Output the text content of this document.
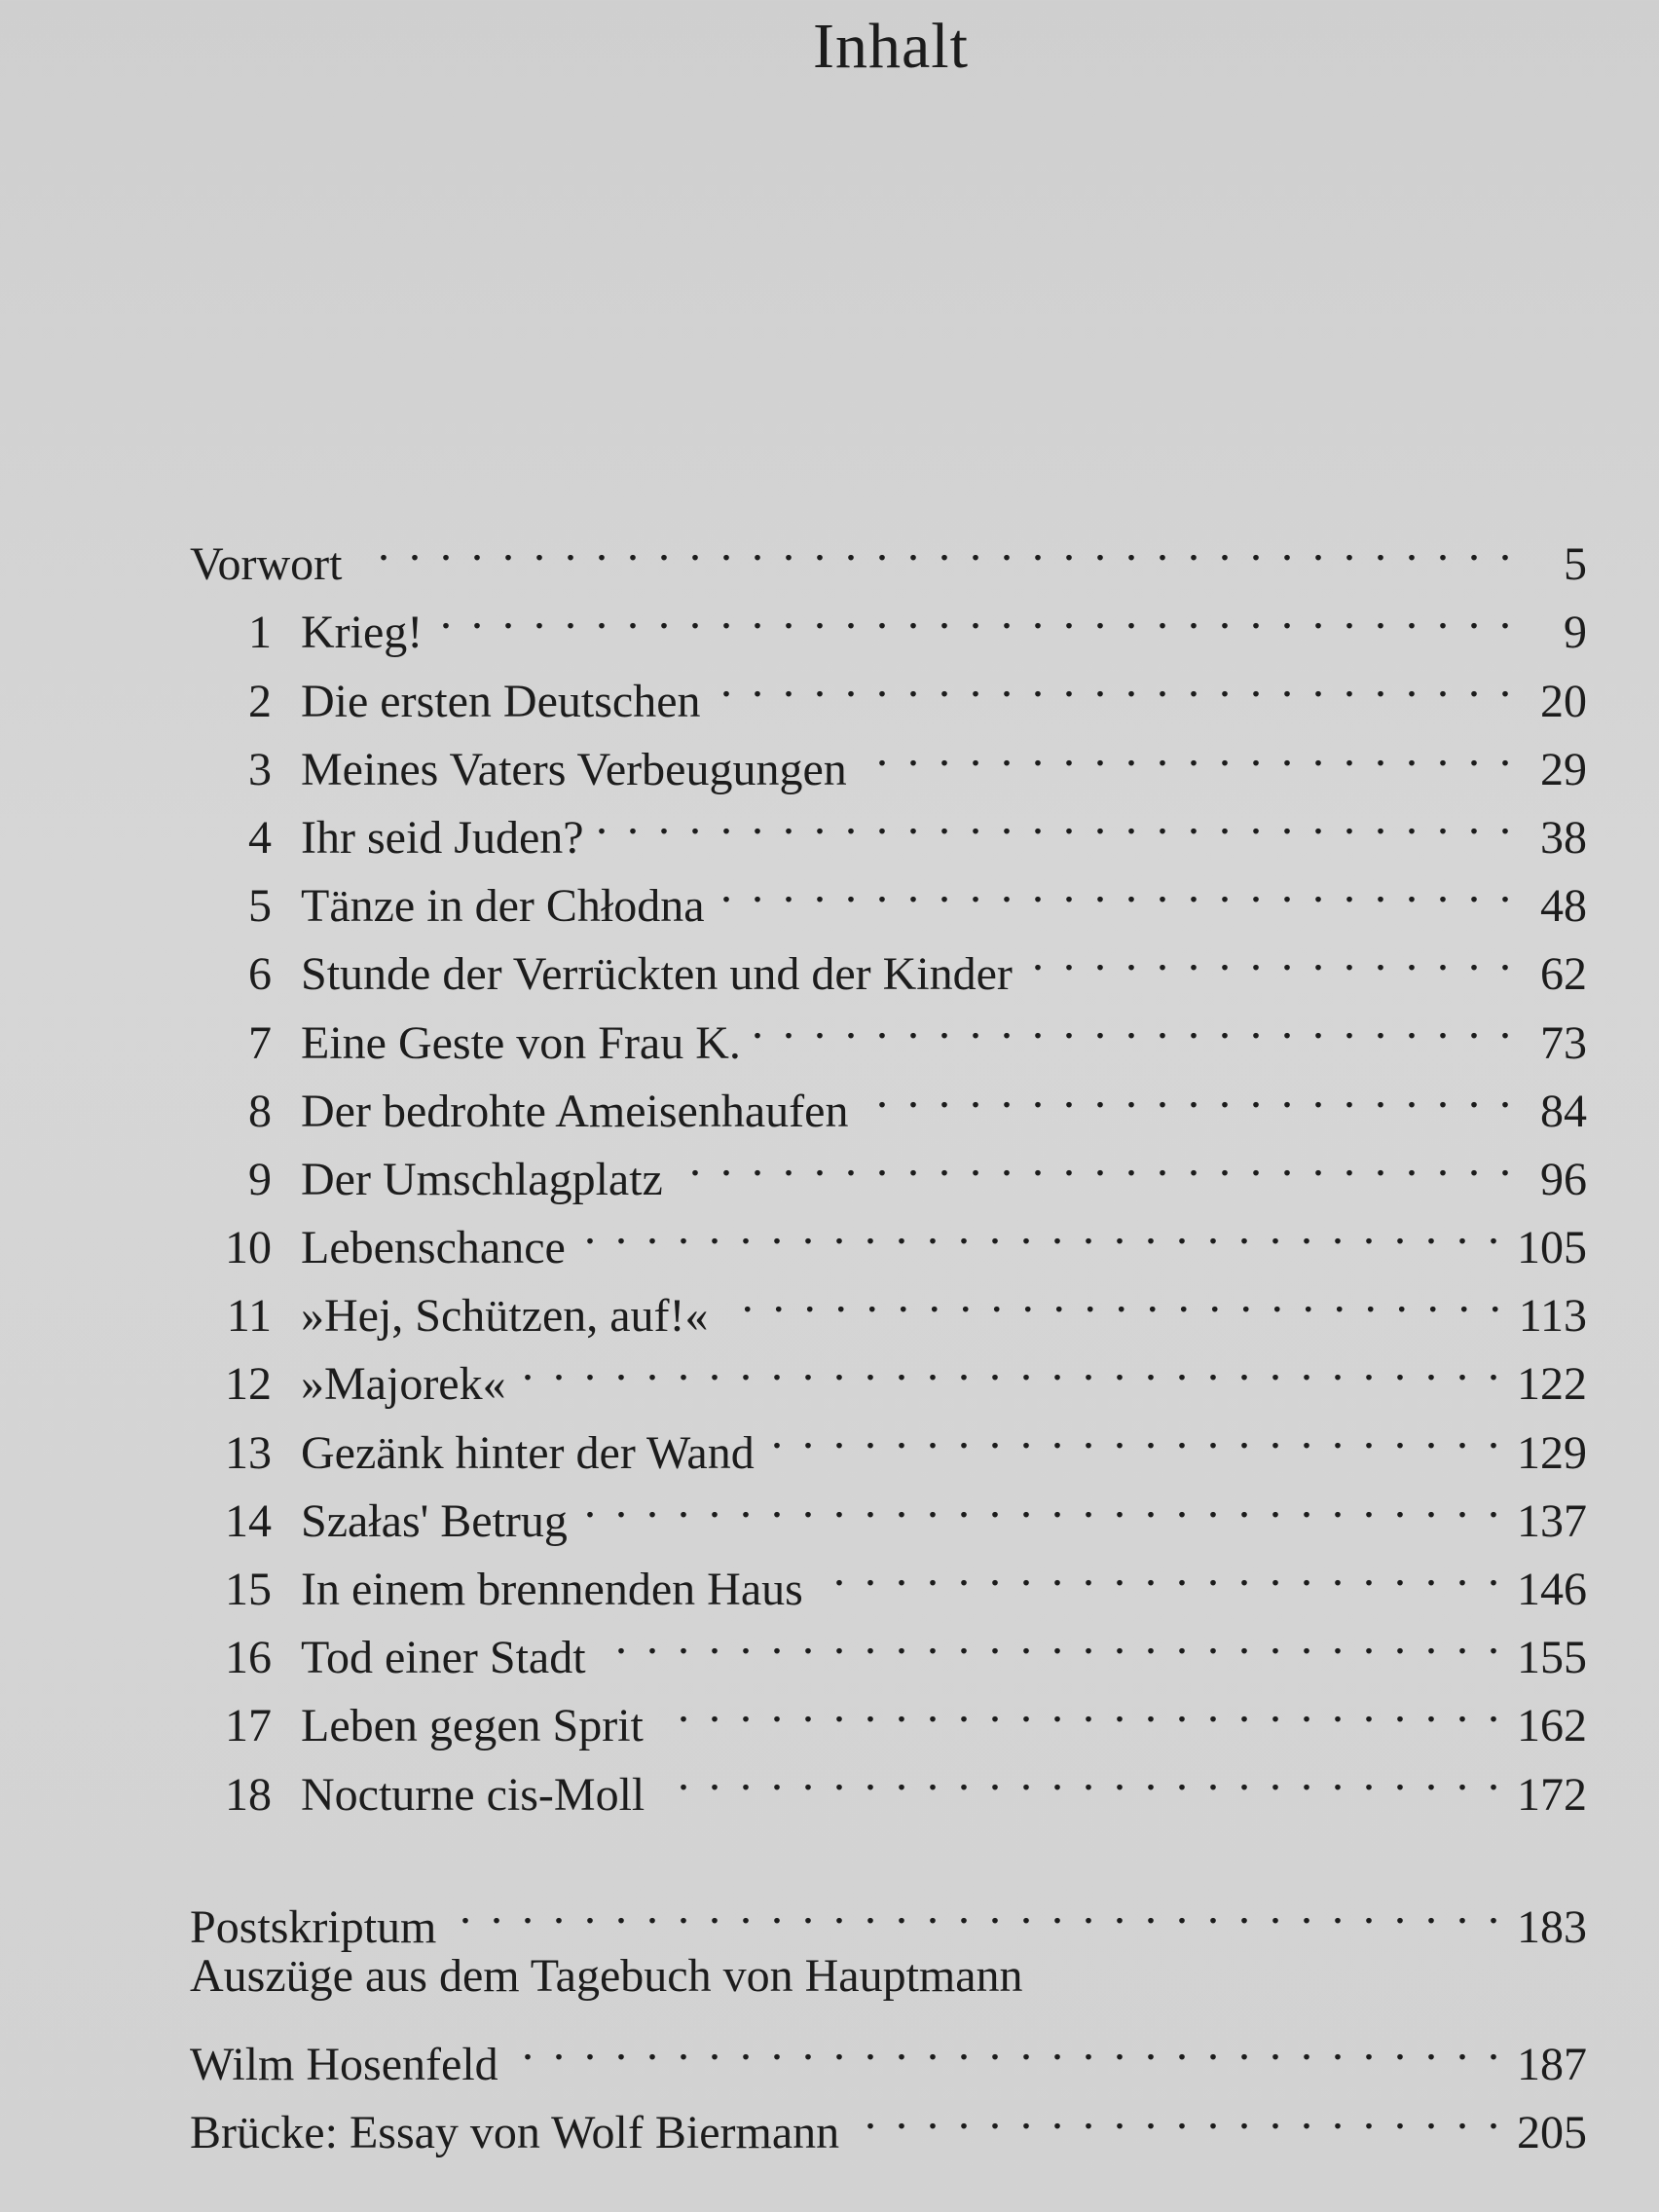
Inhalt
Vorwort . . .	5
1 Krieg! . . .	9
2 Die ersten Deutschen . . .	20
3 Meines Vaters Verbeugungen . . .	29
4 Ihr seid Juden? . . .	38
5 Tänze in der Chłodna . . .	48
6 Stunde der Verrückten und der Kinder . . .	62
7 Eine Geste von Frau K. . . .	73
8 Der bedrohte Ameisenhaufen . . .	84
9 Der Umschlagplatz . . .	96
10 Lebenschance . . .	105
11 »Hej, Schützen, auf!« . . .	113
12 »Majorek« . . .	122
13 Gezänk hinter der Wand . . .	129
14 Szałas' Betrug . . .	137
15 In einem brennenden Haus . . .	146
16 Tod einer Stadt . . .	155
17 Leben gegen Sprit . . .	162
18 Nocturne cis-Moll . . .	172
Postskriptum . . .	183
Auszüge aus dem Tagebuch von Hauptmann
Wilm Hosenfeld . . .	187
Brücke: Essay von Wolf Biermann . . .	205
